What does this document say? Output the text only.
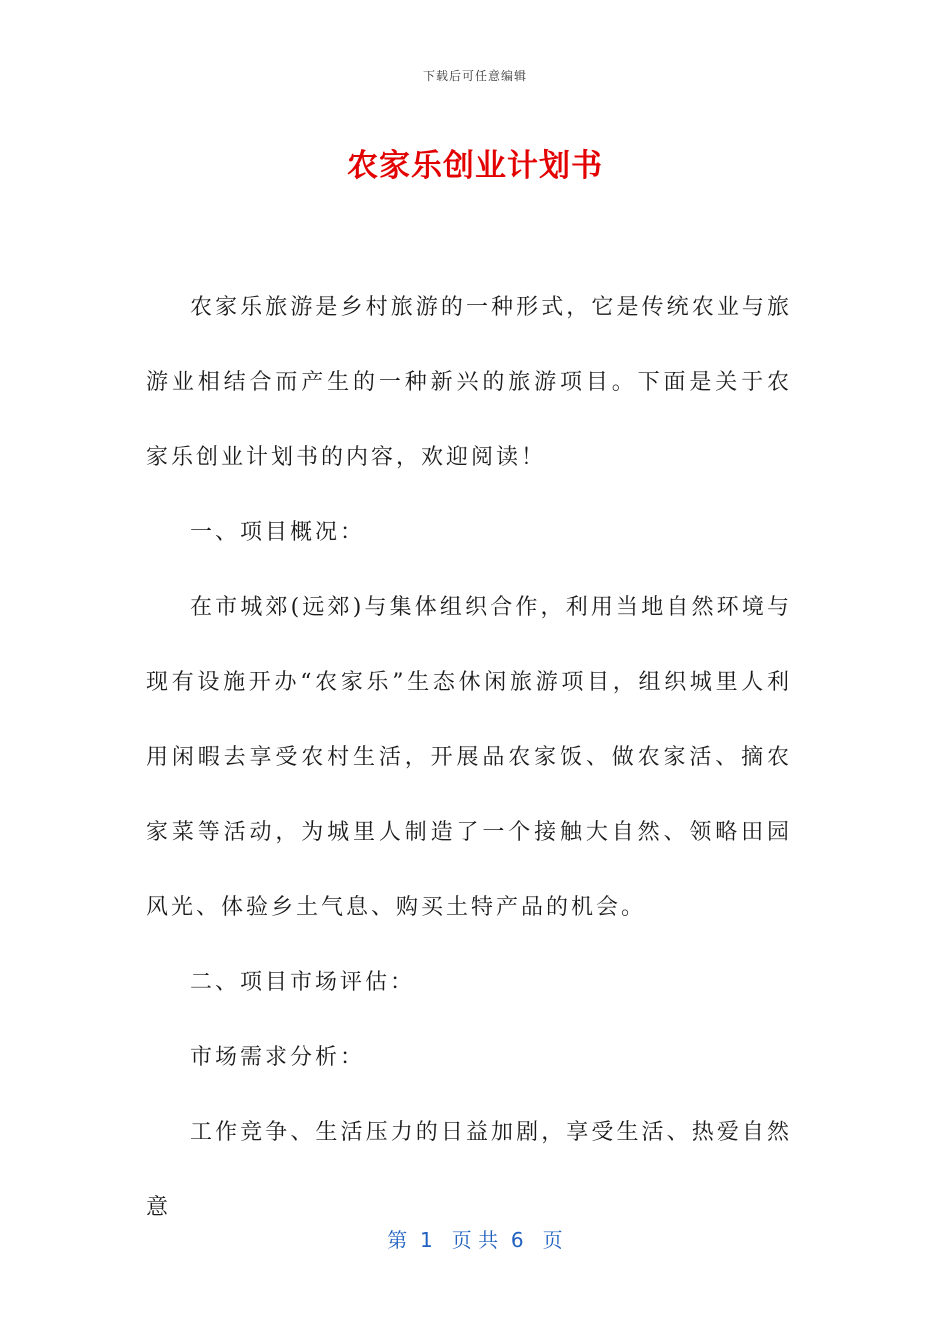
下载后可任意编辑
农家乐创业计划书

农家乐旅游是乡村旅游的一种形式，它是传统农业与旅游业相结合而产生的一种新兴的旅游项目。下面是关于农家乐创业计划书的内容，欢迎阅读！

一、项目概况：

在市城郊(远郊)与集体组织合作，利用当地自然环境与现有设施开办“农家乐”生态休闲旅游项目，组织城里人利用闲暇去享受农村生活，开展品农家饭、做农家活、摘农家菜等活动，为城里人制造了一个接触大自然、领略田园风光、体验乡土气息、购买土特产品的机会。

二、项目市场评估：

市场需求分析：

工作竞争、生活压力的日益加剧，享受生活、热爱自然意

第  1   页 共  6   页
